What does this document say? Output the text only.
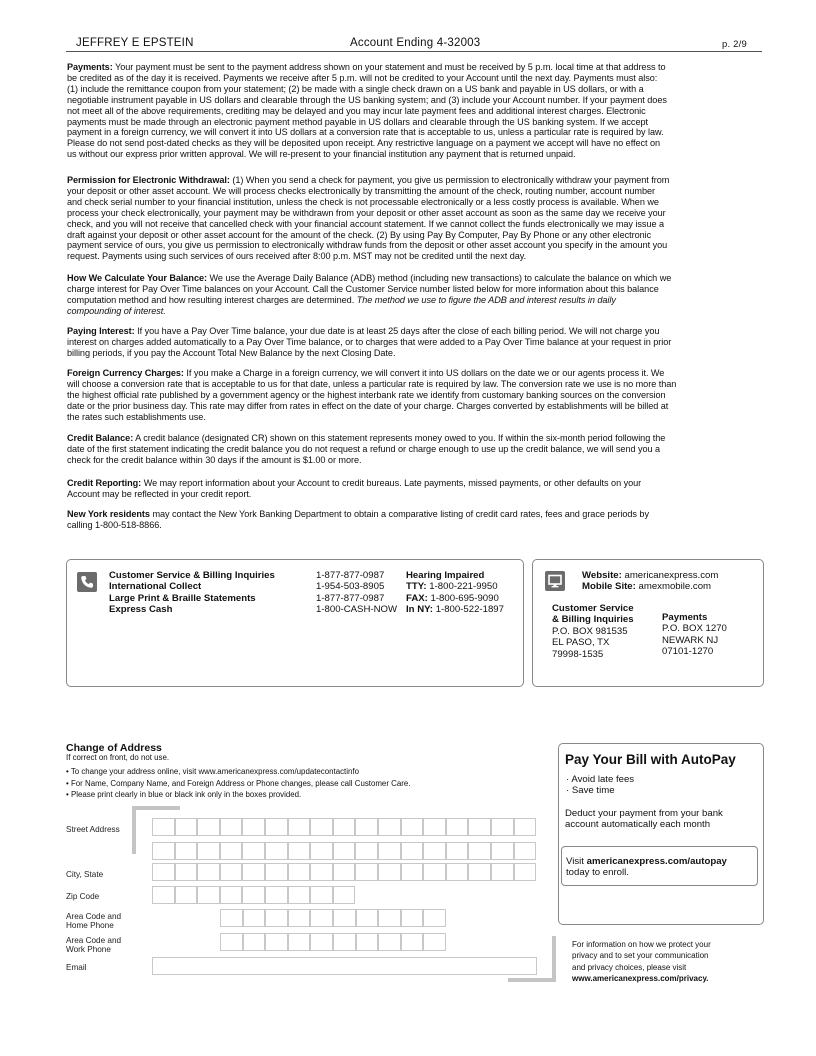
JEFFREY E EPSTEIN	Account Ending 4-32003	p. 2/9
Payments: Your payment must be sent to the payment address shown on your statement and must be received by 5 p.m. local time at that address to
be credited as of the day it is received. Payments we receive after 5 p.m. will not be credited to your Account until the next day. Payments must also:
(1) include the remittance coupon from your statement; (2) be made with a single check drawn on a US bank and payable in US dollars, or with a
negotiable instrument payable in US dollars and clearable through the US banking system; and (3) include your Account number. If your payment does
not meet all of the above requirements, crediting may be delayed and you may incur late payment fees and additional interest charges. Electronic
payments must be made through an electronic payment method payable in US dollars and clearable through the US banking system. If we accept
payment in a foreign currency, we will convert it into US dollars at a conversion rate that is acceptable to us, unless a particular rate is required by law.
Please do not send post-dated checks as they will be deposited upon receipt. Any restrictive language on a payment we accept will have no effect on
us without our express prior written approval. We will re-present to your financial institution any payment that is returned unpaid.
Permission for Electronic Withdrawal: (1) When you send a check for payment, you give us permission to electronically withdraw your payment from
your deposit or other asset account. We will process checks electronically by transmitting the amount of the check, routing number, account number
and check serial number to your financial institution, unless the check is not processable electronically or a less costly process is available. When we
process your check electronically, your payment may be withdrawn from your deposit or other asset account as soon as the same day we receive your
check, and you will not receive that cancelled check with your financial account statement. If we cannot collect the funds electronically we may issue a
draft against your deposit or other asset account for the amount of the check. (2) By using Pay By Computer, Pay By Phone or any other electronic
payment service of ours, you give us permission to electronically withdraw funds from the deposit or other asset account you specify in the amount you
request. Payments using such services of ours received after 8:00 p.m. MST may not be credited until the next day.
How We Calculate Your Balance: We use the Average Daily Balance (ADB) method (including new transactions) to calculate the balance on which we
charge interest for Pay Over Time balances on your Account. Call the Customer Service number listed below for more information about this balance
computation method and how resulting interest charges are determined. The method we use to figure the ADB and interest results in daily
compounding of interest.
Paying Interest: If you have a Pay Over Time balance, your due date is at least 25 days after the close of each billing period. We will not charge you
interest on charges added automatically to a Pay Over Time balance, or to charges that were added to a Pay Over Time balance at your request in prior
billing periods, if you pay the Account Total New Balance by the next Closing Date.
Foreign Currency Charges: If you make a Charge in a foreign currency, we will convert it into US dollars on the date we or our agents process it. We
will choose a conversion rate that is acceptable to us for that date, unless a particular rate is required by law. The conversion rate we use is no more than
the highest official rate published by a government agency or the highest interbank rate we identify from customary banking sources on the conversion
date or the prior business day. This rate may differ from rates in effect on the date of your charge. Charges converted by establishments will be billed at
the rates such establishments use.
Credit Balance: A credit balance (designated CR) shown on this statement represents money owed to you. If within the six-month period following the
date of the first statement indicating the credit balance you do not request a refund or charge enough to use up the credit balance, we will send you a
check for the credit balance within 30 days if the amount is $1.00 or more.
Credit Reporting: We may report information about your Account to credit bureaus. Late payments, missed payments, or other defaults on your
Account may be reflected in your credit report.
New York residents may contact the New York Banking Department to obtain a comparative listing of credit card rates, fees and grace periods by
calling 1-800-518-8866.
Customer Service & Billing Inquiries
International Collect
Large Print & Braille Statements
Express Cash
1-877-877-0987
1-954-503-8905
1-877-877-0987
1-800-CASH-NOW
Hearing Impaired
TTY: 1-800-221-9950
FAX: 1-800-695-9090
In NY: 1-800-522-1897
Website: americanexpress.com
Mobile Site: amexmobile.com
Customer Service
& Billing Inquiries
P.O. BOX 981535
EL PASO, TX
79998-1535
Payments
P.O. BOX 1270
NEWARK NJ
07101-1270
Change of Address
If correct on front, do not use.
• To change your address online, visit www.americanexpress.com/updatecontactinfo
• For Name, Company Name, and Foreign Address or Phone changes, please call Customer Care.
• Please print clearly in blue or black ink only in the boxes provided.
Street Address
City, State
Zip Code
Area Code and
Home Phone
Area Code and
Work Phone
Email
Pay Your Bill with AutoPay
· Avoid late fees
· Save time
Deduct your payment from your bank
account automatically each month
Visit americanexpress.com/autopay
today to enroll.
For information on how we protect your
privacy and to set your communication
and privacy choices, please visit
www.americanexpress.com/privacy.
